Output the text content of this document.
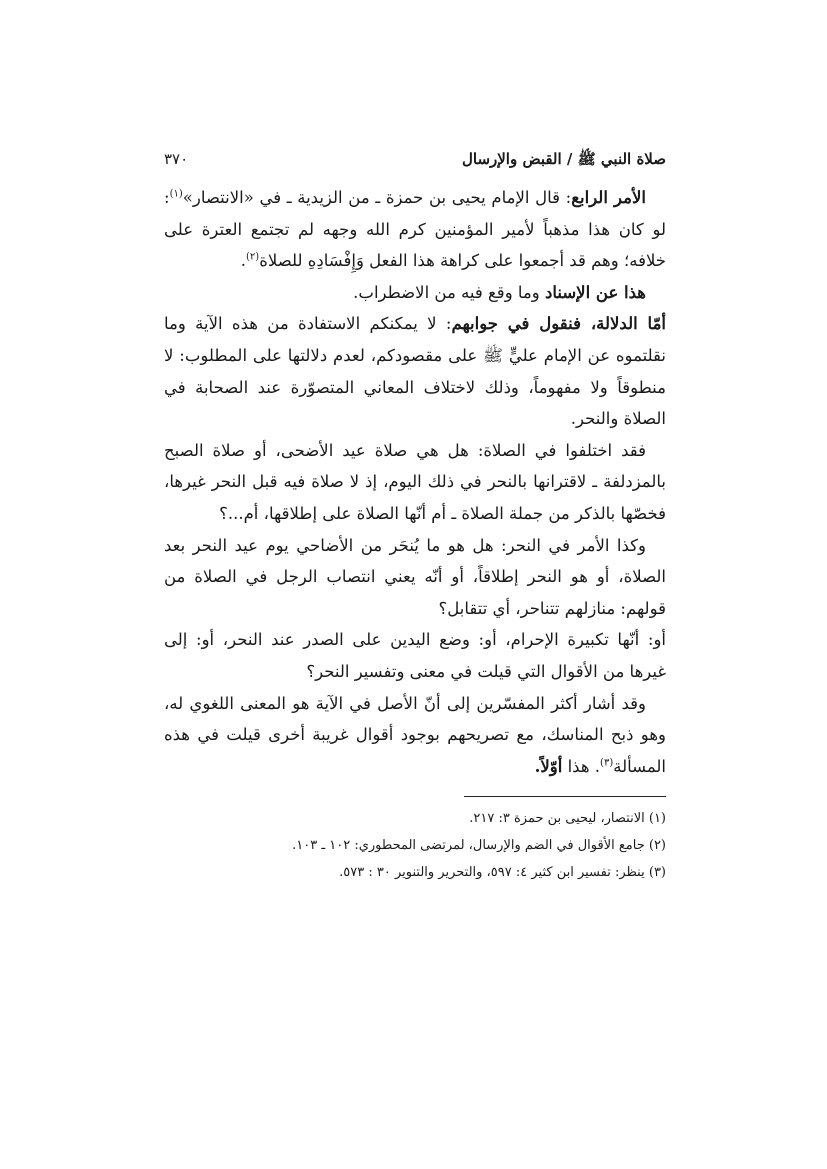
صلاة النبي ﷺ / القبض والإرسال
٣٧٠

الأمر الرابع: قال الإمام يحيى بن حمزة ـ من الزيدية ـ في «الانتصار»$^{(١)}$: لو كان هذا مذهباً لأمير المؤمنين كرم الله وجهه لم تجتمع العترة على خلافه؛ وهم قد أجمعوا على كراهة هذا الفعل وَإِفْسَادِهِ للصلاة$^{(٢)}$.

هذا عن الإسناد وما وقع فيه من الاضطراب.

أمّا الدلالة، فنقول في جوابهم: لا يمكنكم الاستفادة من هذه الآية وما نقلتموه عن الإمام عليٍّ ﷺ على مقصودكم، لعدم دلالتها على المطلوب: لا منطوقاً ولا مفهوماً، وذلك لاختلاف المعاني المتصوّرة عند الصحابة في الصلاة والنحر.

فقد اختلفوا في الصلاة: هل هي صلاة عيد الأضحى، أو صلاة الصبح بالمزدلفة ـ لاقترانها بالنحر في ذلك اليوم، إذ لا صلاة فيه قبل النحر غيرها، فخصّها بالذكر من جملة الصلاة ـ أم أنّها الصلاة على إطلاقها، أم...؟

وكذا الأمر في النحر: هل هو ما يُنحَر من الأضاحي يوم عيد النحر بعد الصلاة، أو هو النحر إطلاقاً، أو أنّه يعني انتصاب الرجل في الصلاة من قولهم: منازلهم تتناحر، أي تتقابل؟

أو: أنّها تكبيرة الإحرام، أو: وضع اليدين على الصدر عند النحر، أو: إلى غيرها من الأقوال التي قيلت في معنى وتفسير النحر؟

وقد أشار أكثر المفسّرين إلى أنّ الأصل في الآية هو المعنى اللغوي له، وهو ذبح المناسك، مع تصريحهم بوجود أقوال غريبة أخرى قيلت في هذه المسألة$^{(٣)}$. هذا أوّلاً.

(١) الانتصار، ليحيى بن حمزة ٣: ٢١٧.

(٢) جامع الأقوال في الضم والإرسال، لمرتضى المحطوري: ١٠٢ ـ ١٠٣.

(٣) ينظر: تفسير ابن كثير ٤: ٥٩٧، والتحرير والتنوير ٣٠ : ٥٧٣.
